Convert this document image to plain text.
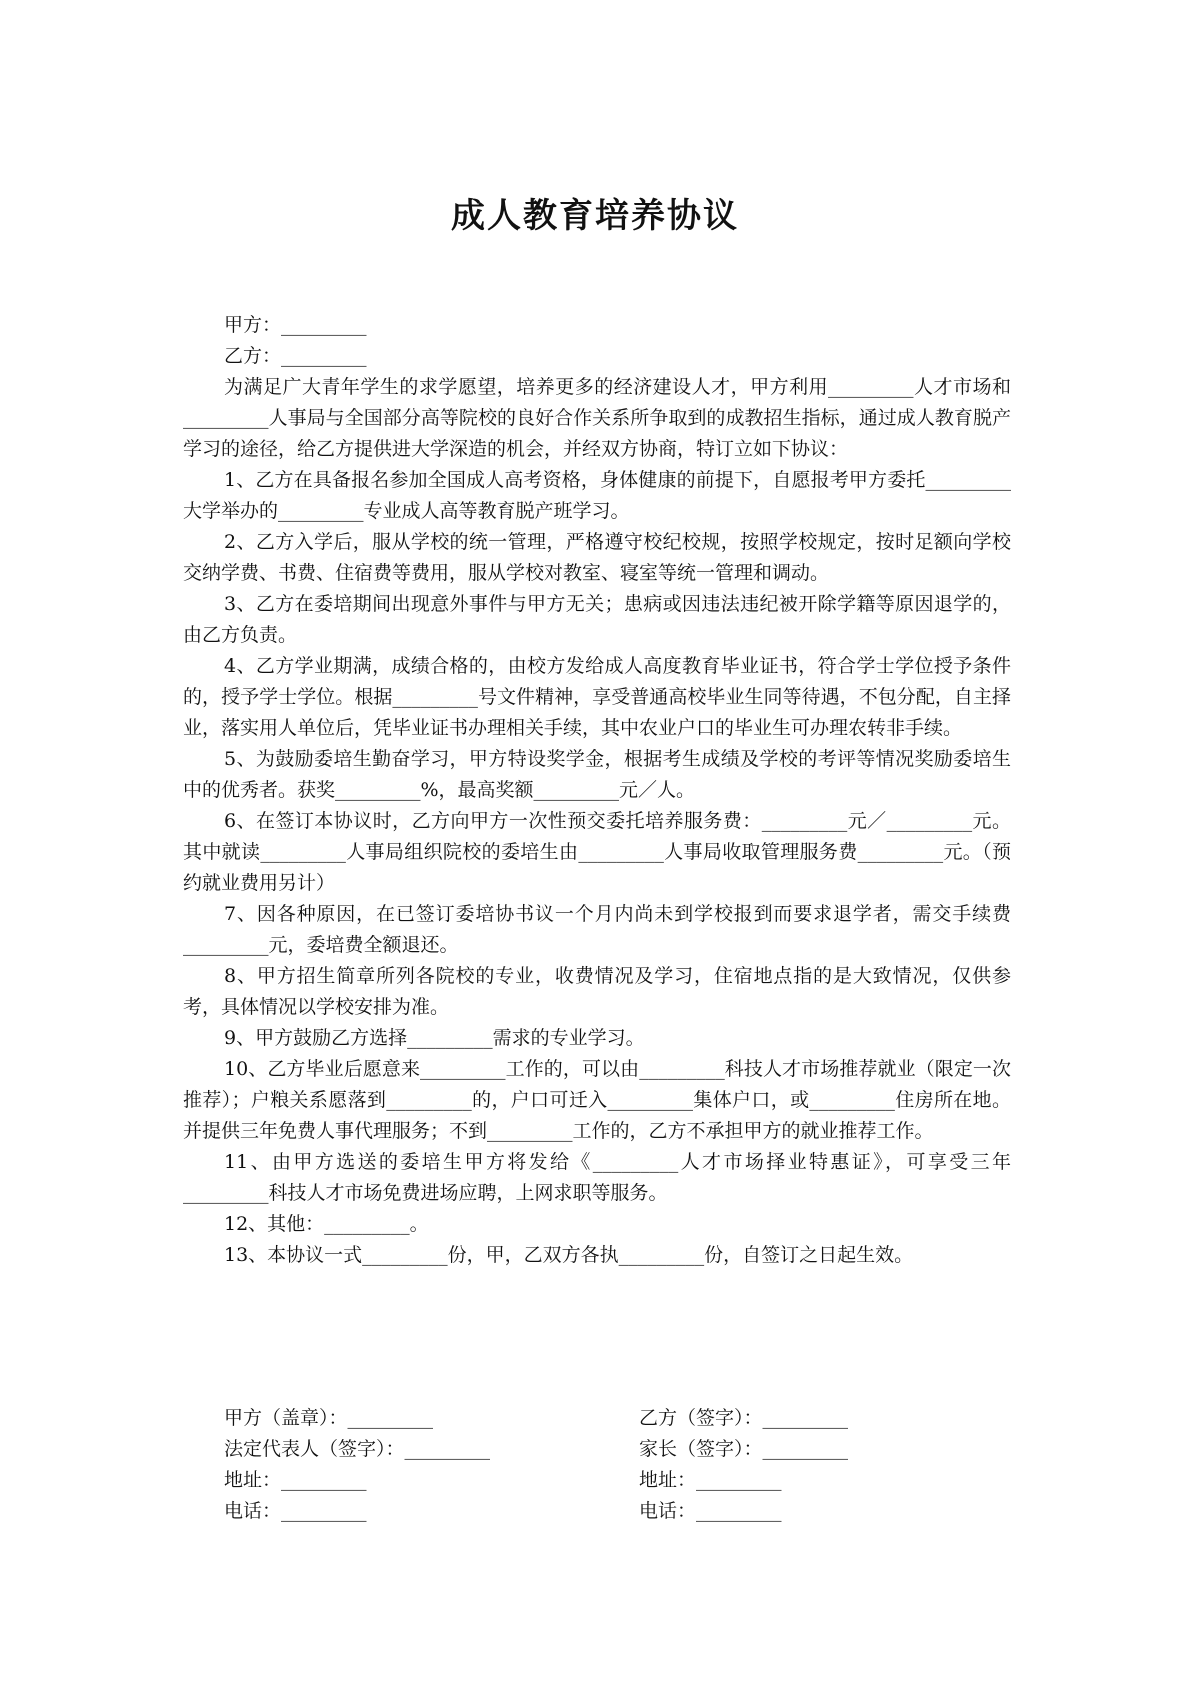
成人教育培养协议
甲方：_________
乙方：_________

为满足广大青年学生的求学愿望，培养更多的经济建设人才，甲方利用_________人才市场和_________人事局与全国部分高等院校的良好合作关系所争取到的成教招生指标，通过成人教育脱产学习的途径，给乙方提供进大学深造的机会，并经双方协商，特订立如下协议：

1、乙方在具备报名参加全国成人高考资格，身体健康的前提下，自愿报考甲方委托_________大学举办的_________专业成人高等教育脱产班学习。

2、乙方入学后，服从学校的统一管理，严格遵守校纪校规，按照学校规定，按时足额向学校交纳学费、书费、住宿费等费用，服从学校对教室、寝室等统一管理和调动。

3、乙方在委培期间出现意外事件与甲方无关；患病或因违法违纪被开除学籍等原因退学的，由乙方负责。

4、乙方学业期满，成绩合格的，由校方发给成人高度教育毕业证书，符合学士学位授予条件的，授予学士学位。根据_________号文件精神，享受普通高校毕业生同等待遇，不包分配，自主择业，落实用人单位后，凭毕业证书办理相关手续，其中农业户口的毕业生可办理农转非手续。

5、为鼓励委培生勤奋学习，甲方特设奖学金，根据考生成绩及学校的考评等情况奖励委培生中的优秀者。获奖_________%，最高奖额_________元／人。

6、在签订本协议时，乙方向甲方一次性预交委托培养服务费：_________元／_________元。其中就读_________人事局组织院校的委培生由_________人事局收取管理服务费_________元。（预约就业费用另计）

7、因各种原因，在已签订委培协书议一个月内尚未到学校报到而要求退学者，需交手续费_________元，委培费全额退还。

8、甲方招生简章所列各院校的专业，收费情况及学习，住宿地点指的是大致情况，仅供参考，具体情况以学校安排为准。

9、甲方鼓励乙方选择_________需求的专业学习。

10、乙方毕业后愿意来_________工作的，可以由_________科技人才市场推荐就业（限定一次推荐）；户粮关系愿落到_________的，户口可迁入_________集体户口，或_________住房所在地。并提供三年免费人事代理服务；不到_________工作的，乙方不承担甲方的就业推荐工作。

11、由甲方选送的委培生甲方将发给《_________人才市场择业特惠证》，可享受三年_________科技人才市场免费进场应聘，上网求职等服务。

12、其他：_________。

13、本协议一式_________份，甲，乙双方各执_________份，自签订之日起生效。

甲方（盖章）：_________	乙方（签字）：_________
法定代表人（签字）：_________	家长（签字）：_________
地址：_________	地址：_________
电话：_________	电话：_________
